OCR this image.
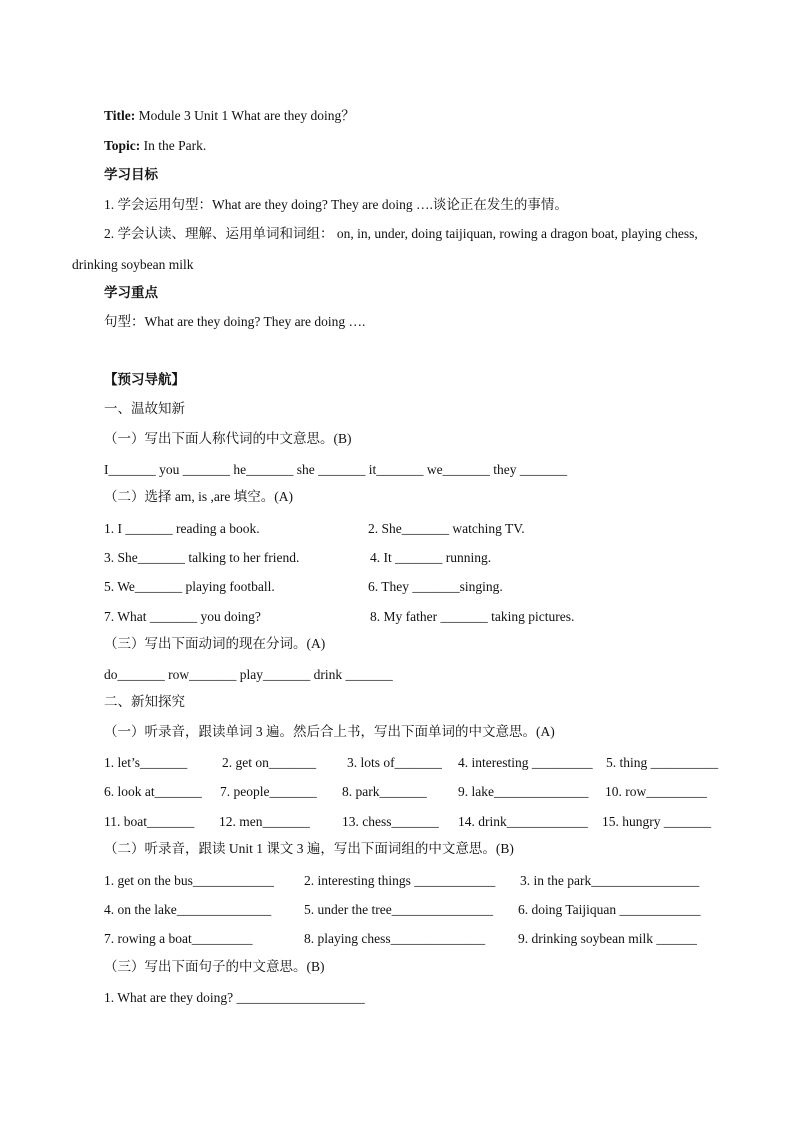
Title: Module 3 Unit 1 What are they doing？
Topic: In the Park.
学习目标
1. 学会运用句型：What are they doing? They are doing ….谈论正在发生的事情。
2. 学会认读、理解、运用单词和词组： on, in, under, doing taijiquan, rowing a dragon boat, playing chess, drinking soybean milk
学习重点
句型：What are they doing? They are doing ….
【预习导航】
一、温故知新
（一）写出下面人称代词的中文意思。(B)
I_______ you _______ he_______ she _______ it_______ we_______ they _______
（二）选择 am, is ,are 填空。(A)
1. I _______ reading a book.	2. She_______ watching TV.
3. She_______ talking to her friend.	4. It _______ running.
5. We_______ playing football.	6. They _______singing.
7. What _______ you doing?	8. My father _______ taking pictures.
（三）写出下面动词的现在分词。(A)
do_______ row_______ play_______ drink _______
二、新知探究
（一）听录音，跟读单词 3 遍。然后合上书，写出下面单词的中文意思。(A)
1. let’s_______	2. get on_______ 3. lots of_______ 4. interesting _________ 5. thing __________
6. look at_______ 7. people_______ 8. park_______ 9. lake______________ 10. row_________
11. boat_______ 12. men_______ 13. chess_______ 14. drink____________ 15. hungry _______
（二）听录音，跟读 Unit 1 课文 3 遍，写出下面词组的中文意思。(B)
1. get on the bus____________ 2. interesting things ____________ 3. in the park________________
4. on the lake______________ 5. under the tree_______________ 6. doing Taijiquan ____________
7. rowing a boat_________	8. playing chess______________ 9. drinking soybean milk ______
（三）写出下面句子的中文意思。(B)
1. What are they doing? ___________________
